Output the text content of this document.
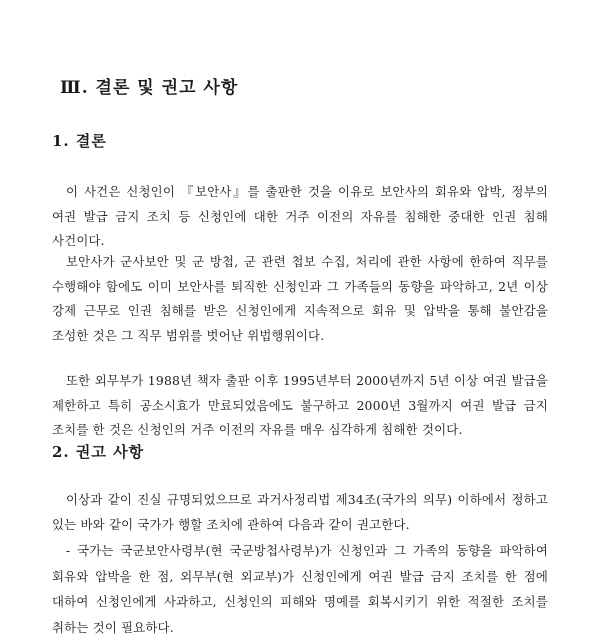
Ⅲ. 결론 및 권고 사항
1. 결론

이 사건은 신청인이 『보안사』를 출판한 것을 이유로 보안사의 회유와 압박, 정부의 여권 발급 금지 조치 등 신청인에 대한 거주 이전의 자유를 침해한 중대한 인권 침해 사건이다.

보안사가 군사보안 및 군 방첩, 군 관련 첩보 수집, 처리에 관한 사항에 한하여 직무를 수행해야 함에도 이미 보안사를 퇴직한 신청인과 그 가족들의 동향을 파악하고, 2년 이상 강제 근무로 인권 침해를 받은 신청인에게 지속적으로 회유 및 압박을 통해 불안감을 조성한 것은 그 직무 범위를 벗어난 위법행위이다.

또한 외무부가 1988년 책자 출판 이후 1995년부터 2000년까지 5년 이상 여권 발급을 제한하고 특히 공소시효가 만료되었음에도 불구하고 2000년 3월까지 여권 발급 금지 조치를 한 것은 신청인의 거주 이전의 자유를 매우 심각하게 침해한 것이다.

2. 권고 사항

이상과 같이 진실 규명되었으므로 과거사정리법 제34조(국가의 의무) 이하에서 정하고 있는 바와 같이 국가가 행할 조치에 관하여 다음과 같이 권고한다.

- 국가는 국군보안사령부(현 국군방첩사령부)가 신청인과 그 가족의 동향을 파악하여 회유와 압박을 한 점, 외무부(현 외교부)가 신청인에게 여권 발급 금지 조치를 한 점에 대하여 신청인에게 사과하고, 신청인의 피해와 명예를 회복시키기 위한 적절한 조치를 취하는 것이 필요하다.
